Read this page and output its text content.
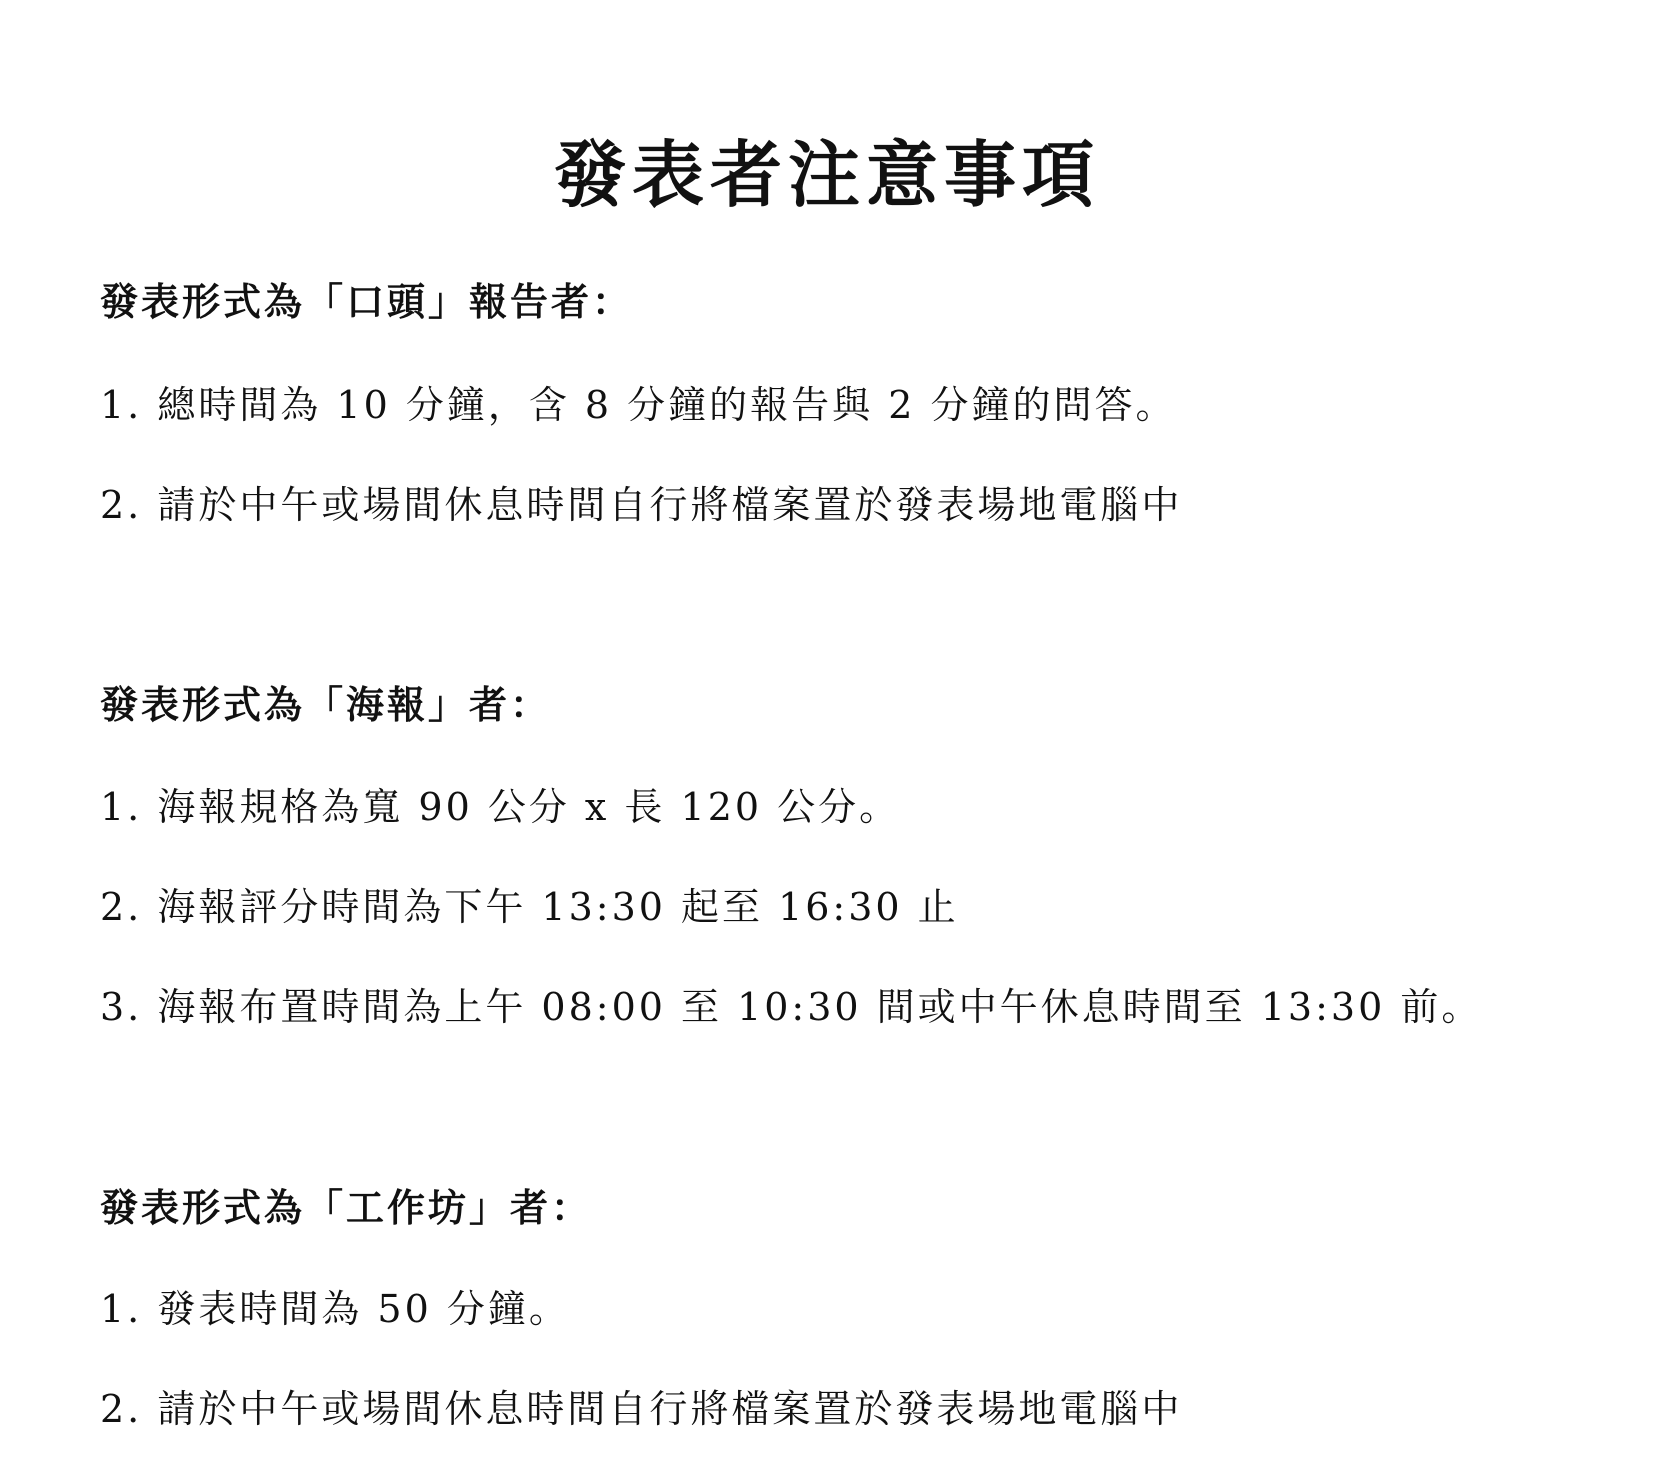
發表者注意事項

發表形式為「口頭」報告者：

1. 總時間為 10 分鐘，含 8 分鐘的報告與 2 分鐘的問答。

2. 請於中午或場間休息時間自行將檔案置於發表場地電腦中

發表形式為「海報」者：

1. 海報規格為寬 90 公分 x 長 120 公分。

2. 海報評分時間為下午 13:30 起至 16:30 止

3. 海報布置時間為上午 08:00 至 10:30 間或中午休息時間至 13:30 前。

發表形式為「工作坊」者：

1. 發表時間為 50 分鐘。

2. 請於中午或場間休息時間自行將檔案置於發表場地電腦中
